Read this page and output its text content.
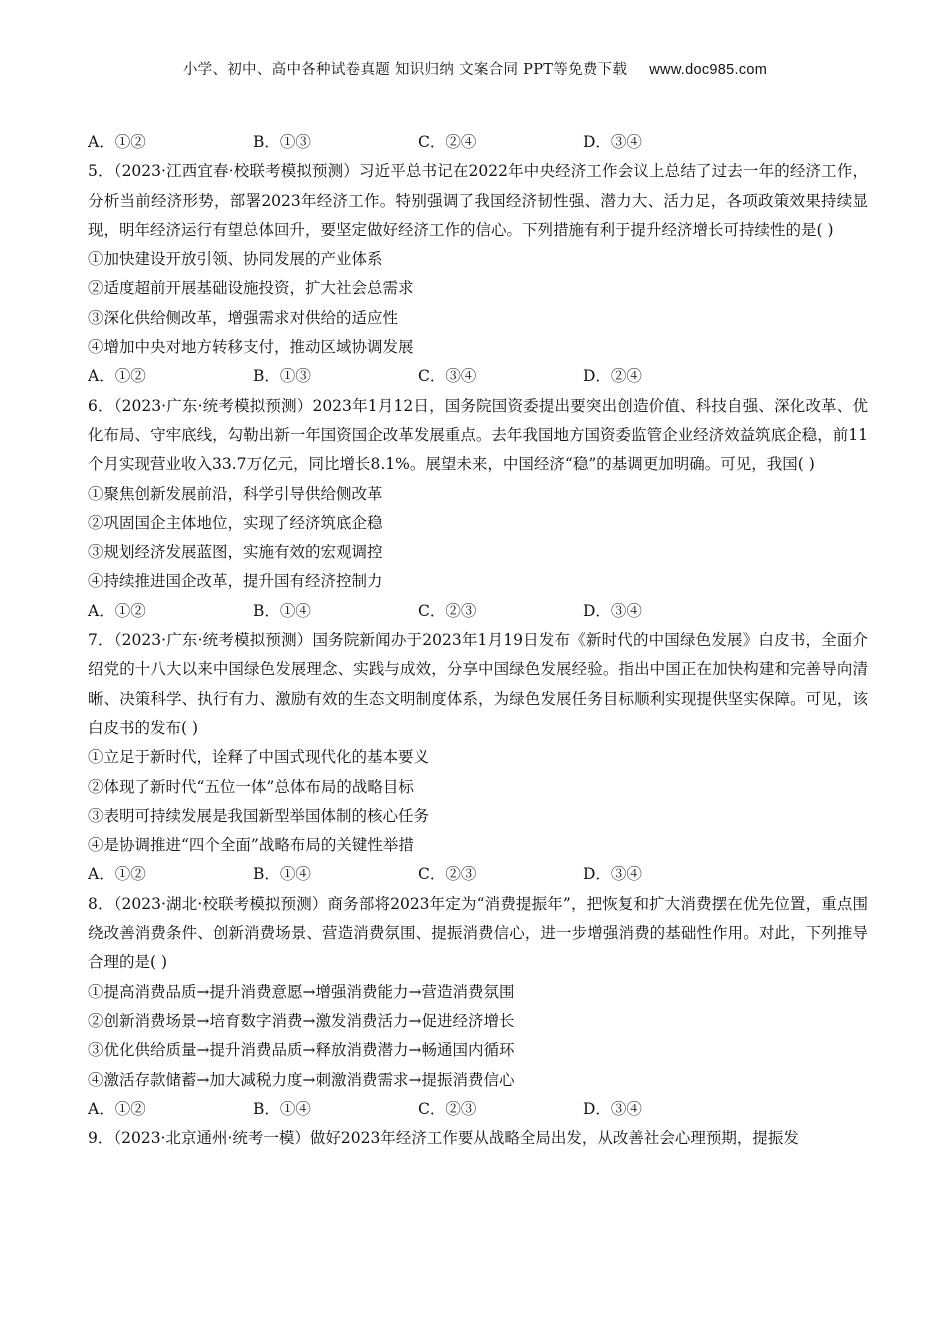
小学、初中、高中各种试卷真题 知识归纳 文案合同 PPT等免费下载 www.doc985.com
A．①②	B．①③	C．②④	D．③④
5．（2023·江西宜春·校联考模拟预测）习近平总书记在2022年中央经济工作会议上总结了过去一年的经济工作，分析当前经济形势，部署2023年经济工作。特别强调了我国经济韧性强、潜力大、活力足，各项政策效果持续显现，明年经济运行有望总体回升，要坚定做好经济工作的信心。下列措施有利于提升经济增长可持续性的是( )
①加快建设开放引领、协同发展的产业体系
②适度超前开展基础设施投资，扩大社会总需求
③深化供给侧改革，增强需求对供给的适应性
④增加中央对地方转移支付，推动区域协调发展
A．①②	B．①③	C．③④	D．②④
6．（2023·广东·统考模拟预测）2023年1月12日，国务院国资委提出要突出创造价值、科技自强、深化改革、优化布局、守牢底线，勾勒出新一年国资国企改革发展重点。去年我国地方国资委监管企业经济效益筑底企稳，前11个月实现营业收入33.7万亿元，同比增长8.1%。展望未来，中国经济“稳”的基调更加明确。可见，我国( )
①聚焦创新发展前沿，科学引导供给侧改革
②巩固国企主体地位，实现了经济筑底企稳
③规划经济发展蓝图，实施有效的宏观调控
④持续推进国企改革，提升国有经济控制力
A．①②	B．①④	C．②③	D．③④
7．（2023·广东·统考模拟预测）国务院新闻办于2023年1月19日发布《新时代的中国绿色发展》白皮书，全面介绍党的十八大以来中国绿色发展理念、实践与成效，分享中国绿色发展经验。指出中国正在加快构建和完善导向清晰、决策科学、执行有力、激励有效的生态文明制度体系，为绿色发展任务目标顺利实现提供坚实保障。可见，该白皮书的发布( )
①立足于新时代，诠释了中国式现代化的基本要义
②体现了新时代“五位一体”总体布局的战略目标
③表明可持续发展是我国新型举国体制的核心任务
④是协调推进“四个全面”战略布局的关键性举措
A．①②	B．①④	C．②③	D．③④
8．（2023·湖北·校联考模拟预测）商务部将2023年定为“消费提振年”，把恢复和扩大消费摆在优先位置，重点围绕改善消费条件、创新消费场景、营造消费氛围、提振消费信心，进一步增强消费的基础性作用。对此，下列推导合理的是( )
①提高消费品质→提升消费意愿→增强消费能力→营造消费氛围
②创新消费场景→培育数字消费→激发消费活力→促进经济增长
③优化供给质量→提升消费品质→释放消费潜力→畅通国内循环
④激活存款储蓄→加大减税力度→刺激消费需求→提振消费信心
A．①②	B．①④	C．②③	D．③④
9．（2023·北京通州·统考一模）做好2023年经济工作要从战略全局出发，从改善社会心理预期，提振发
